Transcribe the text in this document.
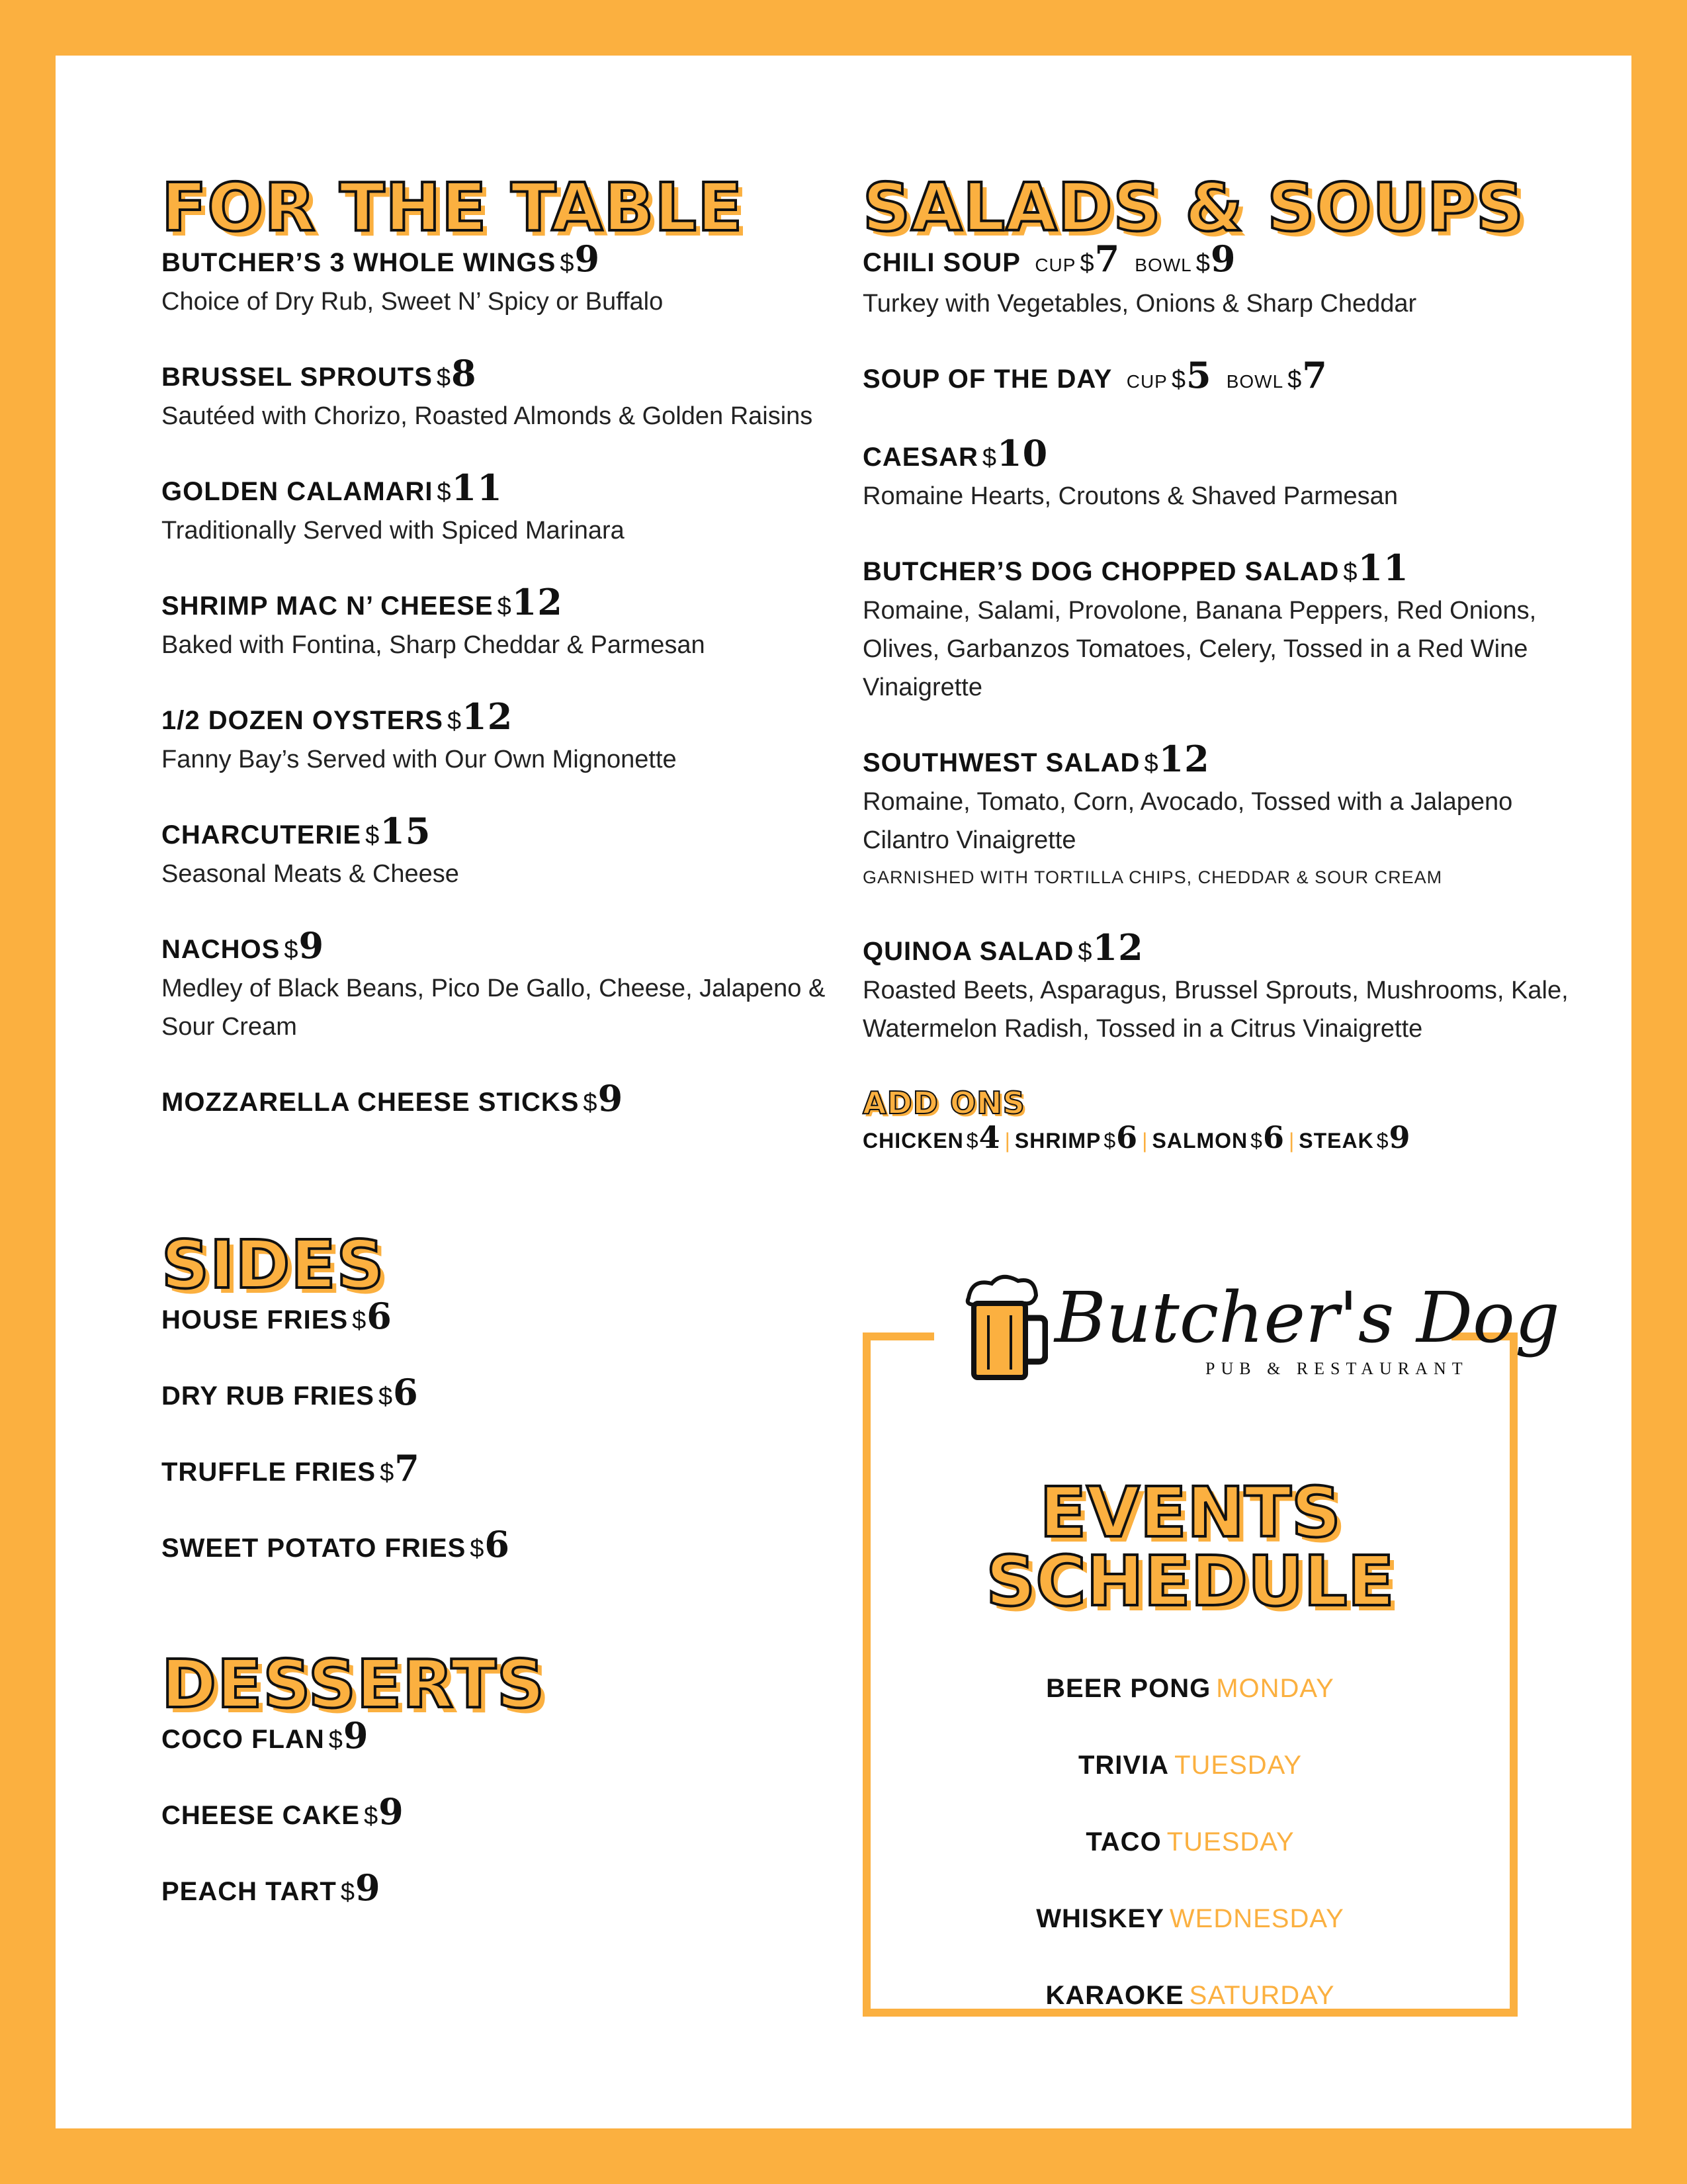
FOR THE TABLE
BUTCHER’S 3 WHOLE WINGS $9
Choice of Dry Rub, Sweet N’ Spicy or Buffalo
BRUSSEL SPROUTS $8
Sautéed with Chorizo, Roasted Almonds & Golden Raisins
GOLDEN CALAMARI $11
Traditionally Served with Spiced Marinara
SHRIMP MAC N’ CHEESE $12
Baked with Fontina, Sharp Cheddar & Parmesan
1/2 DOZEN OYSTERS $12
Fanny Bay’s Served with Our Own Mignonette
CHARCUTERIE $15
Seasonal Meats & Cheese
NACHOS $9
Medley of Black Beans, Pico De Gallo, Cheese, Jalapeno & Sour Cream
MOZZARELLA CHEESE STICKS $9
SIDES
HOUSE FRIES $6
DRY RUB FRIES $6
TRUFFLE FRIES $7
SWEET POTATO FRIES $6
DESSERTS
COCO FLAN $9
CHEESE CAKE $9
PEACH TART $9
SALADS & SOUPS
CHILI SOUP CUP $7 BOWL $9
Turkey with Vegetables, Onions & Sharp Cheddar
SOUP OF THE DAY CUP $5 BOWL $7
CAESAR $10
Romaine Hearts, Croutons & Shaved Parmesan
BUTCHER’S DOG CHOPPED SALAD $11
Romaine, Salami, Provolone, Banana Peppers, Red Onions, Olives, Garbanzos Tomatoes, Celery, Tossed in a Red Wine Vinaigrette
SOUTHWEST SALAD $12
Romaine, Tomato, Corn, Avocado, Tossed with a Jalapeno Cilantro Vinaigrette
GARNISHED WITH TORTILLA CHIPS, CHEDDAR & SOUR CREAM
QUINOA SALAD $12
Roasted Beets, Asparagus, Brussel Sprouts, Mushrooms, Kale, Watermelon Radish, Tossed in a Citrus Vinaigrette
ADD ONS
CHICKEN $4 | SHRIMP $6 | SALMON $6 | STEAK $9
Butcher's Dog
PUB & RESTAURANT
EVENTS
SCHEDULE
BEER PONG MONDAY
TRIVIA TUESDAY
TACO TUESDAY
WHISKEY WEDNESDAY
KARAOKE SATURDAY
